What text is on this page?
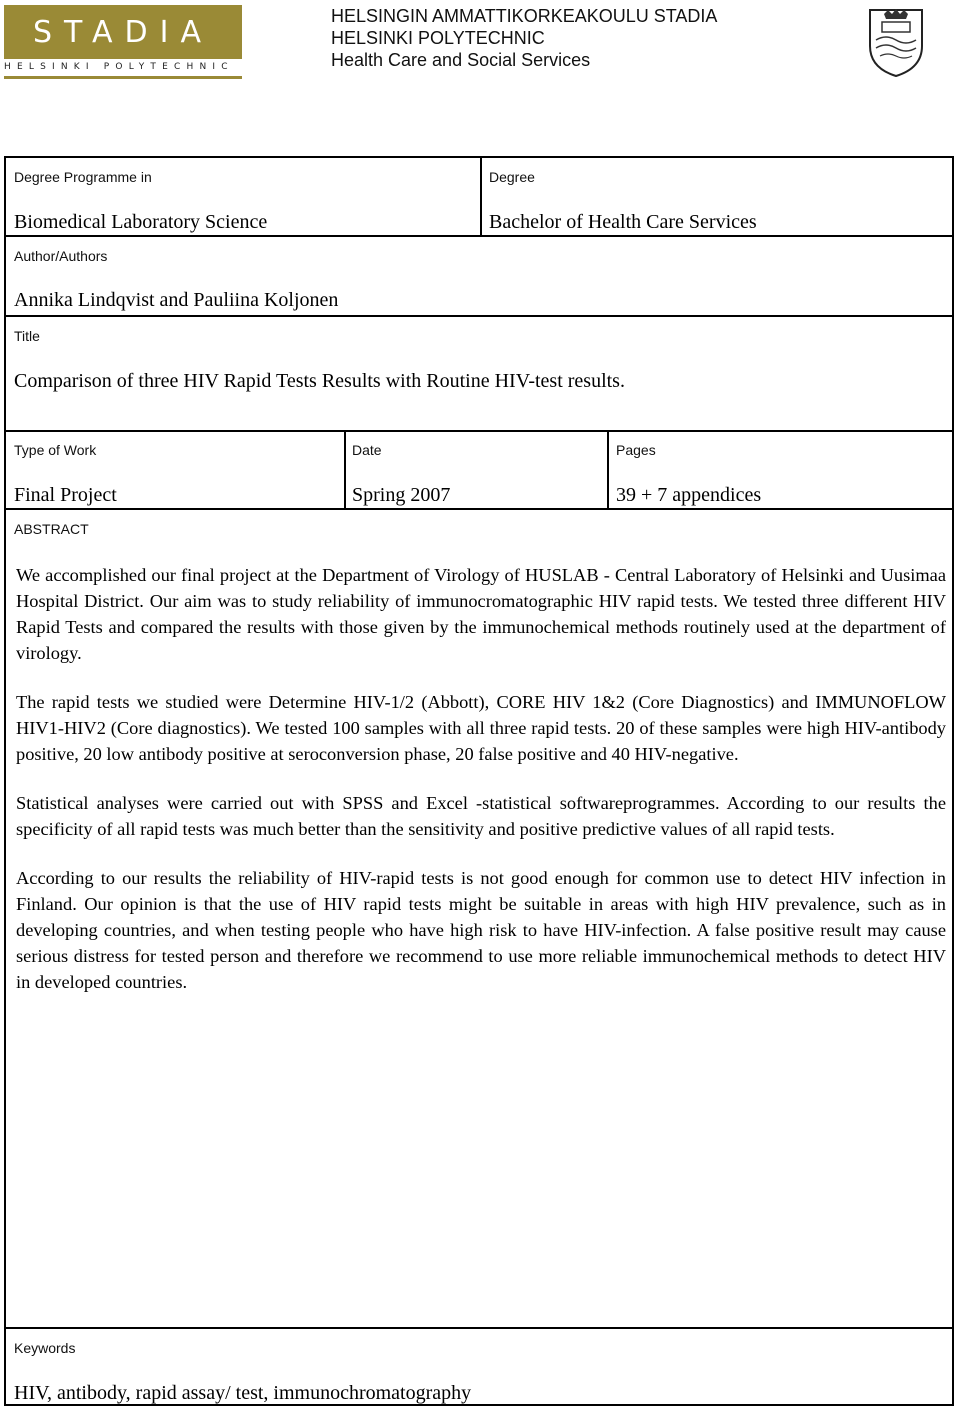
STADIA
HELSINKI POLYTECHNIC
HELSINGIN AMMATTIKORKEAKOULU STADIA
HELSINKI POLYTECHNIC
Health Care and Social Services
Degree Programme in
Biomedical Laboratory Science
Degree
Bachelor of Health Care Services
Author/Authors
Annika Lindqvist and Pauliina Koljonen
Title
Comparison of three HIV Rapid Tests Results with Routine HIV-test results.
Type of Work
Final Project
Date
Spring 2007
Pages
39 + 7 appendices
ABSTRACT

We accomplished our final project at the Department of Virology of HUSLAB - Central Laboratory of Helsinki and Uusimaa Hospital District. Our aim was to study reliability of immunocromatographic HIV rapid tests. We tested three different HIV Rapid Tests and compared the results with those given by the immunochemical methods routinely used at the department of virology.

The rapid tests we studied were Determine HIV-1/2 (Abbott), CORE HIV 1&2 (Core Diagnostics) and IMMUNOFLOW HIV1-HIV2 (Core diagnostics). We tested 100 samples with all three rapid tests. 20 of these samples were high HIV-antibody positive, 20 low antibody positive at seroconversion phase, 20 false positive and 40 HIV-negative.

Statistical analyses were carried out with SPSS and Excel -statistical softwareprogrammes. According to our results the specificity of all rapid tests was much better than the sensitivity and positive predictive values of all rapid tests.

According to our results the reliability of HIV-rapid tests is not good enough for common use to detect HIV infection in Finland. Our opinion is that the use of HIV rapid tests might be suitable in areas with high HIV prevalence, such as in developing countries, and when testing people who have high risk to have HIV-infection. A false positive result may cause serious distress for tested person and therefore we recommend to use more reliable immunochemical methods to detect HIV in developed countries.

Keywords
HIV, antibody, rapid assay/ test, immunochromatography
